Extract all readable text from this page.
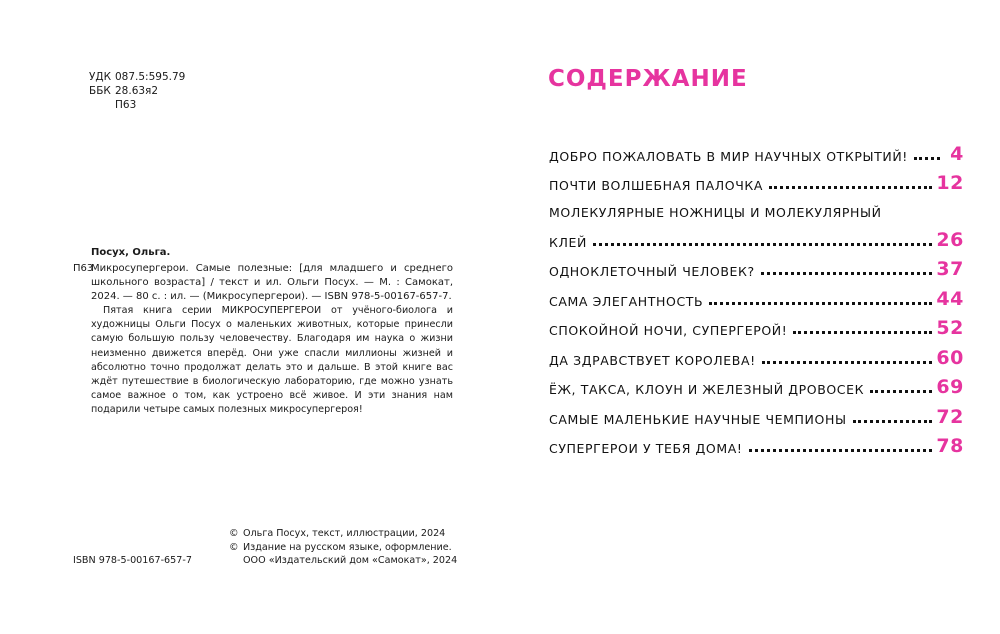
УДК 087.5:595.79
ББК 28.63я2
П63
Посух, Ольга.
П63
Микросупергерои. Самые полезные: [для младшего и среднего школьного возраста] / текст и ил. Ольги Посух. — М. : Самокат, 2024. — 80 с. : ил. — (Микросупергерои). — ISBN 978-5-00167-657-7.

Пятая книга серии МИКРОСУПЕРГЕРОИ от учёного-биолога и художницы Ольги Посух о маленьких животных, которые принесли самую большую пользу человечеству. Благодаря им наука о жизни неизменно движется вперёд. Они уже спасли миллионы жизней и абсолютно точно продолжат делать это и дальше. В этой книге вас ждёт путешествие в биологическую лабораторию, где можно узнать самое важное о том, как устроено всё живое. И эти знания нам подарили четыре самых полезных микросупергероя!

ISBN 978-5-00167-657-7
© Ольга Посух, текст, иллюстрации, 2024
© Издание на русском языке, оформление.
ООО «Издательский дом «Самокат», 2024
СОДЕРЖАНИЕ
ДОБРО ПОЖАЛОВАТЬ В МИР НАУЧНЫХ ОТКРЫТИЙ!	4
ПОЧТИ ВОЛШЕБНАЯ ПАЛОЧКА	12
МОЛЕКУЛЯРНЫЕ НОЖНИЦЫ И МОЛЕКУЛЯРНЫЙ
КЛЕЙ	26
ОДНОКЛЕТОЧНЫЙ ЧЕЛОВЕК?	37
САМА ЭЛЕГАНТНОСТЬ	44
СПОКОЙНОЙ НОЧИ, СУПЕРГЕРОЙ!	52
ДА ЗДРАВСТВУЕТ КОРОЛЕВА!	60
ЁЖ, ТАКСА, КЛОУН И ЖЕЛЕЗНЫЙ ДРОВОСЕК	69
САМЫЕ МАЛЕНЬКИЕ НАУЧНЫЕ ЧЕМПИОНЫ	72
СУПЕРГЕРОИ У ТЕБЯ ДОМА!	78
